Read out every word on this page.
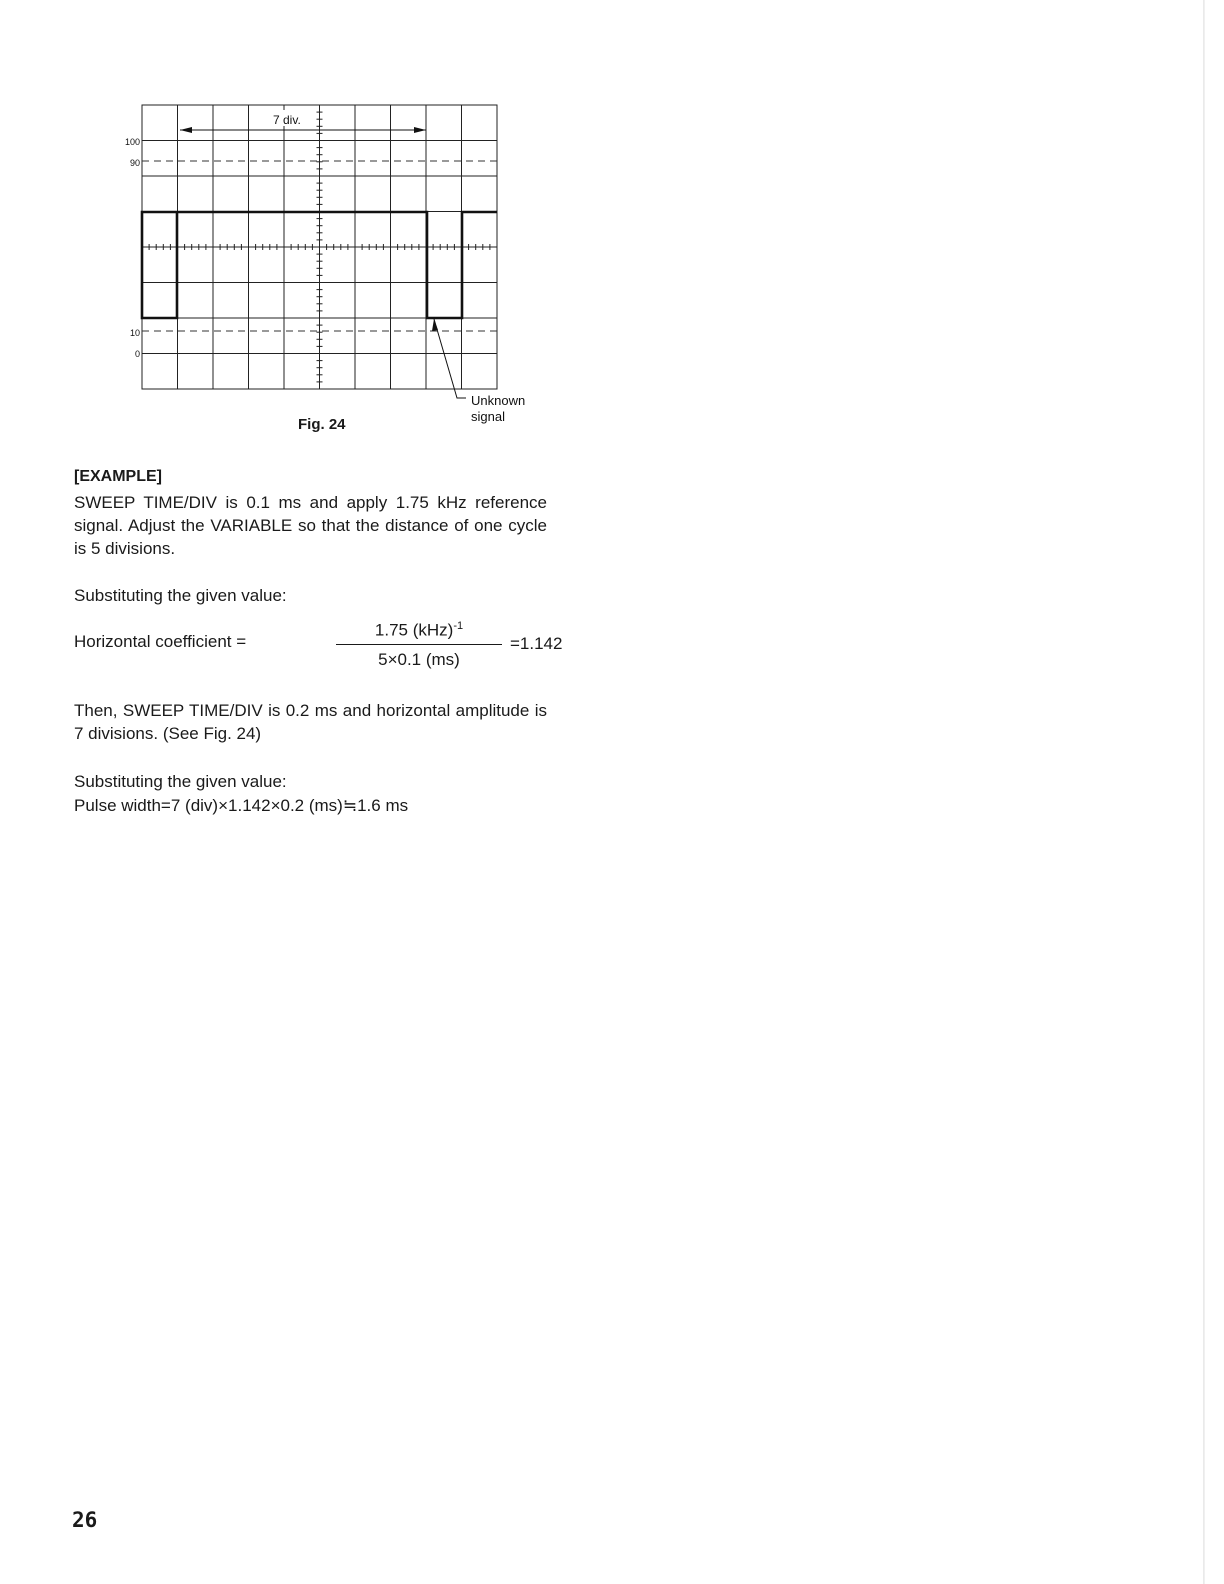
7 div.
100
90
10
0
Unknown
signal
Fig. 24
[EXAMPLE]
SWEEP TIME/DIV is 0.1 ms and apply 1.75 kHz reference signal. Adjust the VARIABLE so that the distance of one cycle is 5 divisions.
Substituting the given value:
Horizontal coefficient =
1.75 (kHz)$^{-1}$
5×0.1 (ms)
=1.142
Then, SWEEP TIME/DIV is 0.2 ms and horizontal amplitude is 7 divisions. (See Fig. 24)
Substituting the given value:
Pulse width=7 (div)×1.142×0.2 (ms)≒1.6 ms
26
